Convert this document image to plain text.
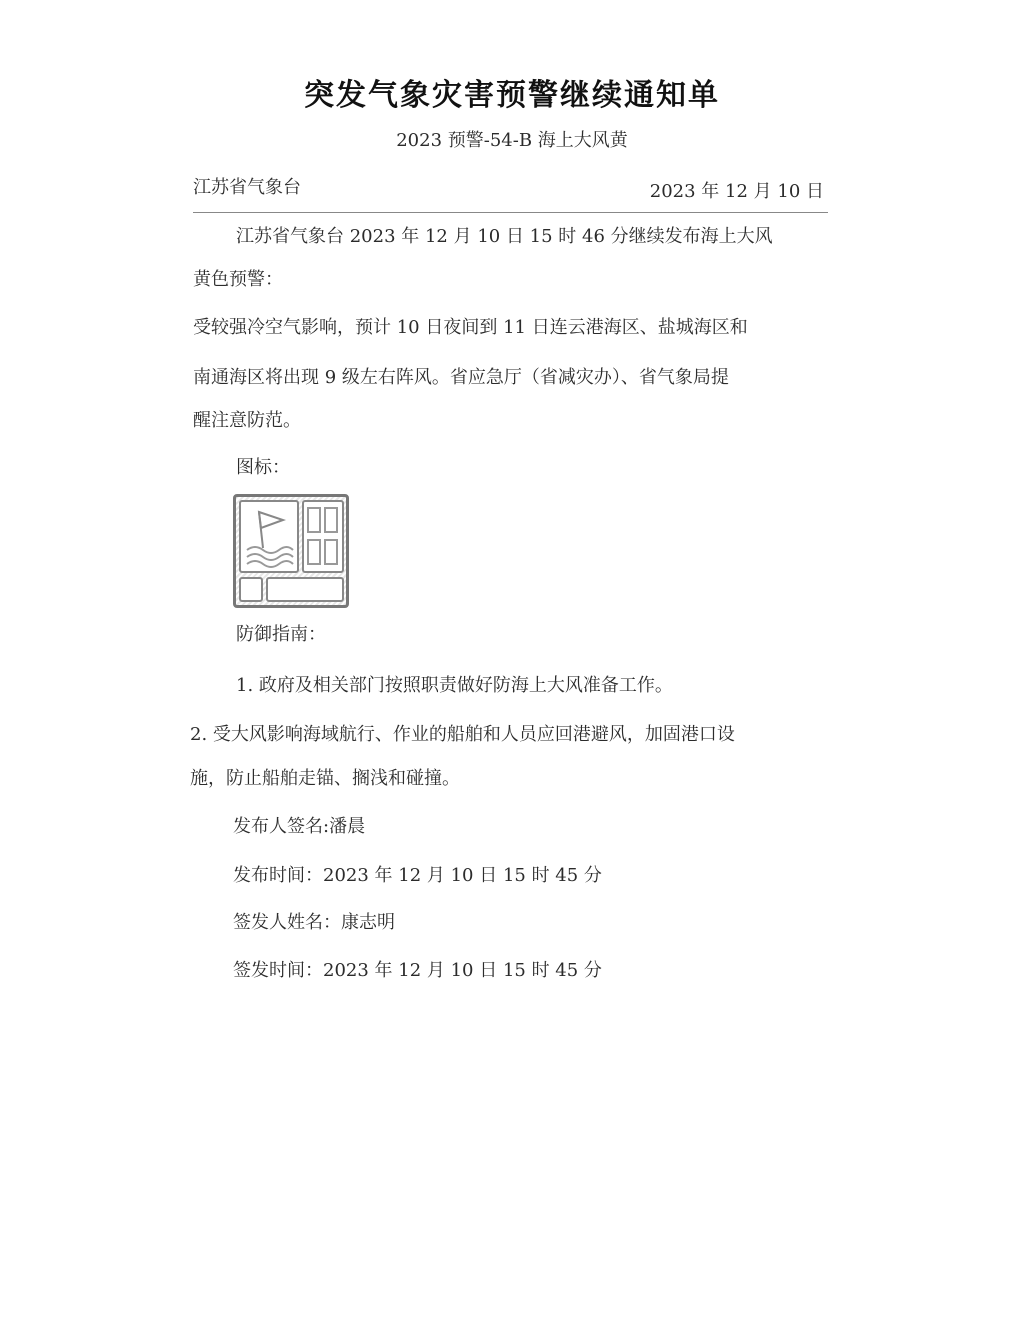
突发气象灾害预警继续通知单
2023 预警-54-B 海上大风黄
江苏省气象台	2023 年 12 月 10 日
江苏省气象台 2023 年 12 月 10 日 15 时 46 分继续发布海上大风
黄色预警：
受较强冷空气影响，预计 10 日夜间到 11 日连云港海区、盐城海区和
南通海区将出现 9 级左右阵风。省应急厅（省减灾办）、省气象局提
醒注意防范。
图标：
防御指南：
1. 政府及相关部门按照职责做好防海上大风准备工作。
2. 受大风影响海域航行、作业的船舶和人员应回港避风，加固港口设
施，防止船舶走锚、搁浅和碰撞。
发布人签名:潘晨
发布时间：2023 年 12 月 10 日 15 时 45 分
签发人姓名：康志明
签发时间：2023 年 12 月 10 日 15 时 45 分
